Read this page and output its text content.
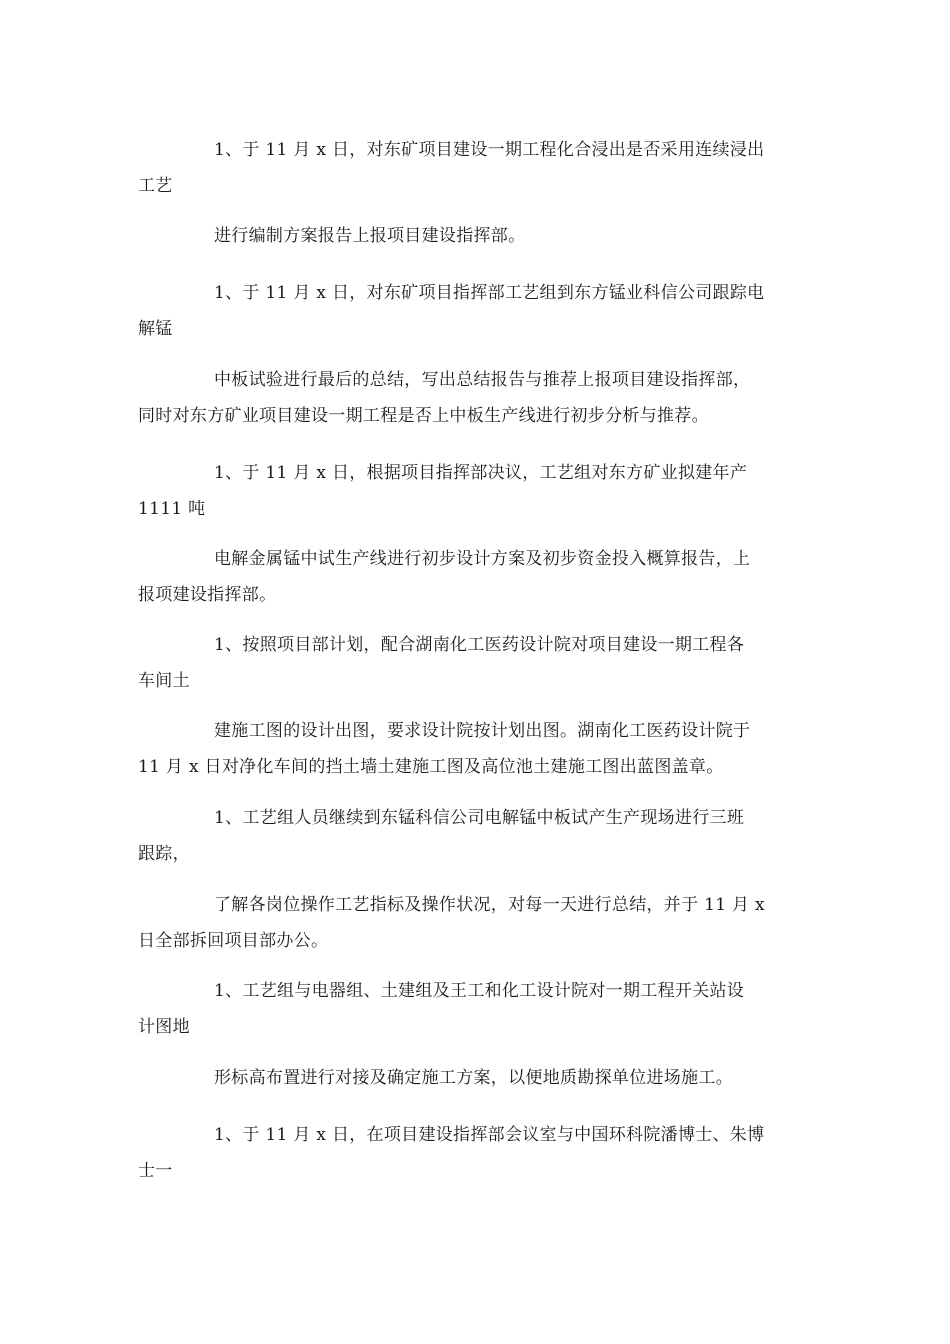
1、于 11 月 x 日，对东矿项目建设一期工程化合浸出是否采用连续浸出
工艺
进行编制方案报告上报项目建设指挥部。
1、于 11 月 x 日，对东矿项目指挥部工艺组到东方锰业科信公司跟踪电
解锰
中板试验进行最后的总结，写出总结报告与推荐上报项目建设指挥部，
同时对东方矿业项目建设一期工程是否上中板生产线进行初步分析与推荐。
1、于 11 月 x 日，根据项目指挥部决议，工艺组对东方矿业拟建年产
1111 吨
电解金属锰中试生产线进行初步设计方案及初步资金投入概算报告，上
报项建设指挥部。
1、按照项目部计划，配合湖南化工医药设计院对项目建设一期工程各
车间土
建施工图的设计出图，要求设计院按计划出图。湖南化工医药设计院于
11 月 x 日对净化车间的挡土墙土建施工图及高位池土建施工图出蓝图盖章。
1、工艺组人员继续到东锰科信公司电解锰中板试产生产现场进行三班
跟踪，
了解各岗位操作工艺指标及操作状况，对每一天进行总结，并于 11 月 x
日全部拆回项目部办公。
1、工艺组与电器组、土建组及王工和化工设计院对一期工程开关站设
计图地
形标高布置进行对接及确定施工方案，以便地质勘探单位进场施工。
1、于 11 月 x 日，在项目建设指挥部会议室与中国环科院潘博士、朱博
士一
